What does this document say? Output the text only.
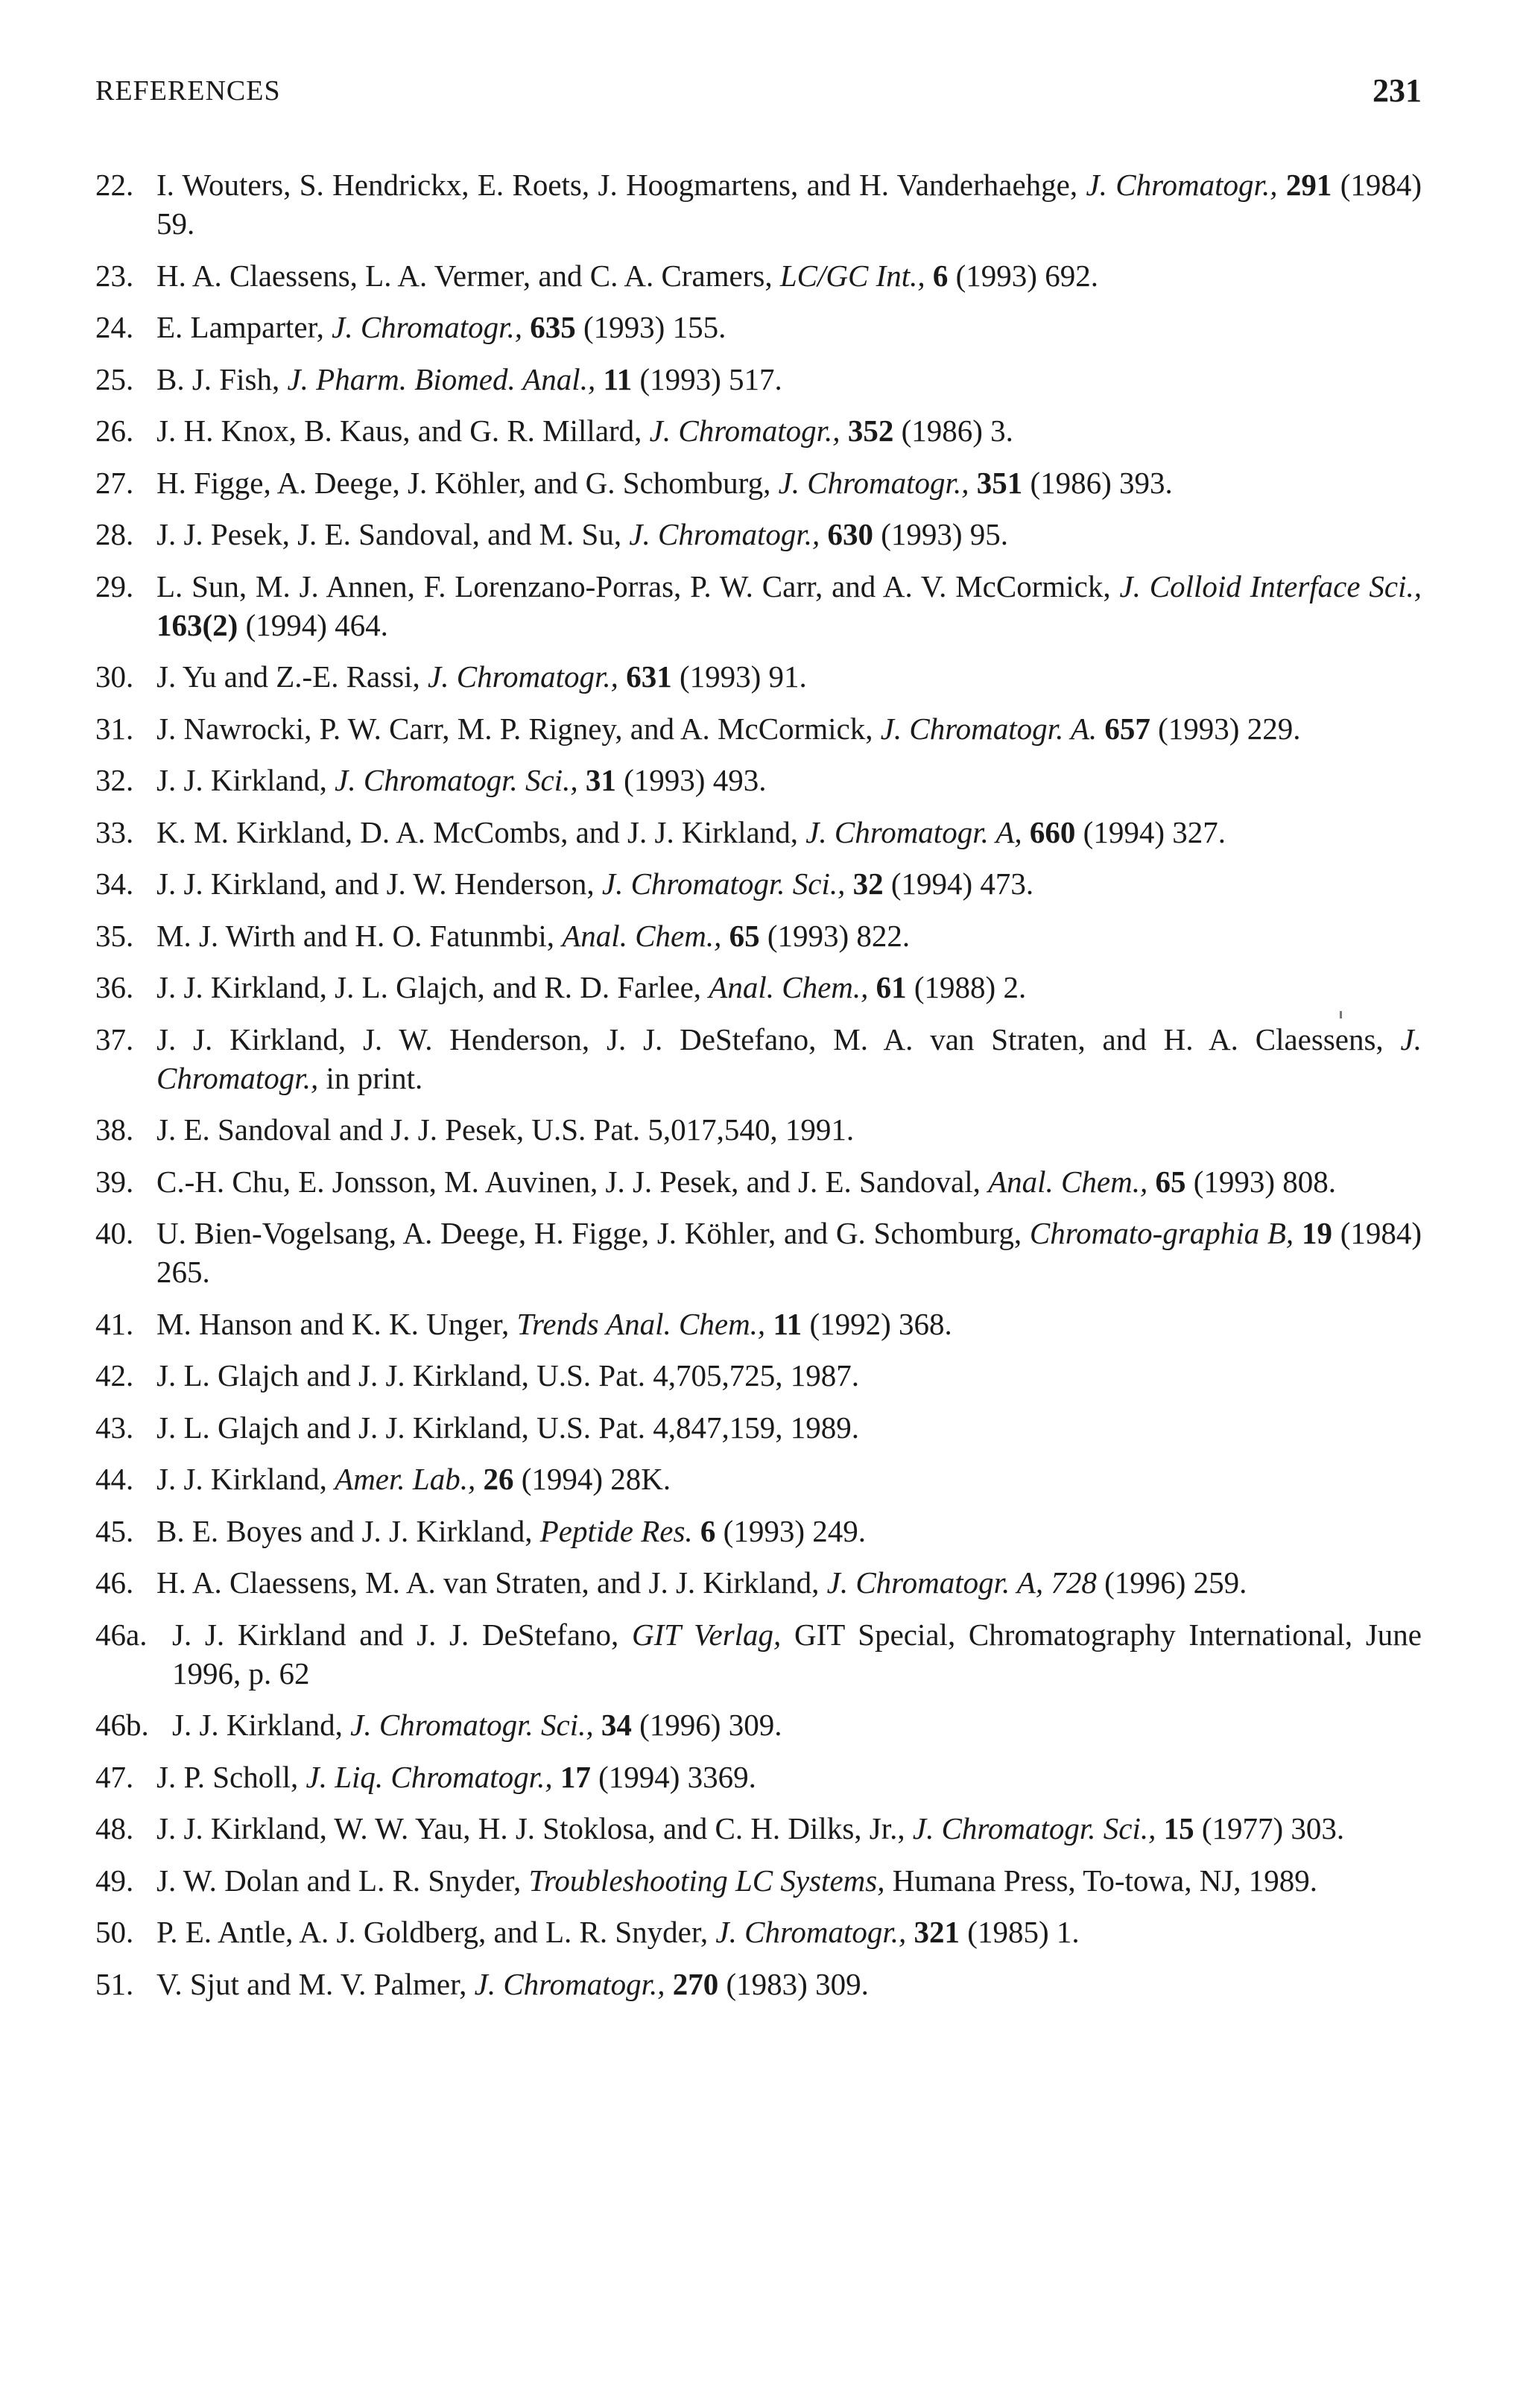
REFERENCES	231
22. I. Wouters, S. Hendrickx, E. Roets, J. Hoogmartens, and H. Vanderhaehge, J. Chromatogr., 291 (1984) 59.
23. H. A. Claessens, L. A. Vermer, and C. A. Cramers, LC/GC Int., 6 (1993) 692.
24. E. Lamparter, J. Chromatogr., 635 (1993) 155.
25. B. J. Fish, J. Pharm. Biomed. Anal., 11 (1993) 517.
26. J. H. Knox, B. Kaus, and G. R. Millard, J. Chromatogr., 352 (1986) 3.
27. H. Figge, A. Deege, J. Köhler, and G. Schomburg, J. Chromatogr., 351 (1986) 393.
28. J. J. Pesek, J. E. Sandoval, and M. Su, J. Chromatogr., 630 (1993) 95.
29. L. Sun, M. J. Annen, F. Lorenzano-Porras, P. W. Carr, and A. V. McCormick, J. Colloid Interface Sci., 163(2) (1994) 464.
30. J. Yu and Z.-E. Rassi, J. Chromatogr., 631 (1993) 91.
31. J. Nawrocki, P. W. Carr, M. P. Rigney, and A. McCormick, J. Chromatogr. A. 657 (1993) 229.
32. J. J. Kirkland, J. Chromatogr. Sci., 31 (1993) 493.
33. K. M. Kirkland, D. A. McCombs, and J. J. Kirkland, J. Chromatogr. A, 660 (1994) 327.
34. J. J. Kirkland, and J. W. Henderson, J. Chromatogr. Sci., 32 (1994) 473.
35. M. J. Wirth and H. O. Fatunmbi, Anal. Chem., 65 (1993) 822.
36. J. J. Kirkland, J. L. Glajch, and R. D. Farlee, Anal. Chem., 61 (1988) 2.
37. J. J. Kirkland, J. W. Henderson, J. J. DeStefano, M. A. van Straten, and H. A. Claessens, J. Chromatogr., in print.
38. J. E. Sandoval and J. J. Pesek, U.S. Pat. 5,017,540, 1991.
39. C.-H. Chu, E. Jonsson, M. Auvinen, J. J. Pesek, and J. E. Sandoval, Anal. Chem., 65 (1993) 808.
40. U. Bien-Vogelsang, A. Deege, H. Figge, J. Köhler, and G. Schomburg, Chromato-graphia B, 19 (1984) 265.
41. M. Hanson and K. K. Unger, Trends Anal. Chem., 11 (1992) 368.
42. J. L. Glajch and J. J. Kirkland, U.S. Pat. 4,705,725, 1987.
43. J. L. Glajch and J. J. Kirkland, U.S. Pat. 4,847,159, 1989.
44. J. J. Kirkland, Amer. Lab., 26 (1994) 28K.
45. B. E. Boyes and J. J. Kirkland, Peptide Res. 6 (1993) 249.
46. H. A. Claessens, M. A. van Straten, and J. J. Kirkland, J. Chromatogr. A, 728 (1996) 259.
46a. J. J. Kirkland and J. J. DeStefano, GIT Verlag, GIT Special, Chromatography International, June 1996, p. 62
46b. J. J. Kirkland, J. Chromatogr. Sci., 34 (1996) 309.
47. J. P. Scholl, J. Liq. Chromatogr., 17 (1994) 3369.
48. J. J. Kirkland, W. W. Yau, H. J. Stoklosa, and C. H. Dilks, Jr., J. Chromatogr. Sci., 15 (1977) 303.
49. J. W. Dolan and L. R. Snyder, Troubleshooting LC Systems, Humana Press, To-towa, NJ, 1989.
50. P. E. Antle, A. J. Goldberg, and L. R. Snyder, J. Chromatogr., 321 (1985) 1.
51. V. Sjut and M. V. Palmer, J. Chromatogr., 270 (1983) 309.
